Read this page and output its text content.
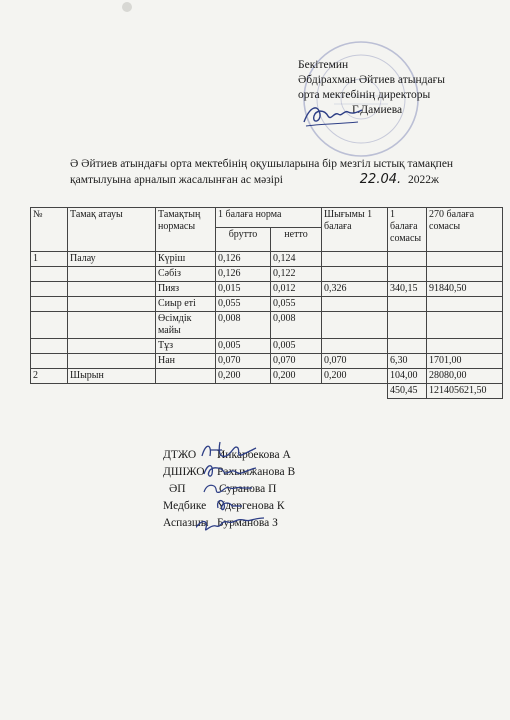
Бекітемин
Әбдірахман Әйтиев атындағы
орта мектебінің директоры
Г.Дамиева
Ә Әйтиев атындағы орта мектебінің оқушыларына бір мезгіл ыстық тамақпен
қамтылуына арналып жасалынған ас мәзірі	22.04. 2022ж
№	Тамақ атауы	Тамақтың нормасы	1 балаға норма		Шығымы 1 балаға	1 балаға сомасы	270 балаға сомасы
			брутто	нетто			
1	Палау	Күріш	0,126	0,124			
		Сәбіз	0,126	0,122			
		Пияз	0,015	0,012	0,326	340,15	91840,50
		Сиыр еті	0,055	0,055			
		Өсімдік майы	0,008	0,008			
		Тұз	0,005	0,005			
		Нан	0,070	0,070	0,070	6,30	1701,00
2	Шырын		0,200	0,200	0,200	104,00	28080,00
						450,45	121405621,50
ДТЖО Инкарбекова А
ДШІЖО Рахымжанова В
ӘП	Суранова П
Медбике Үдергенова К
Аспазшы Бурманова З
